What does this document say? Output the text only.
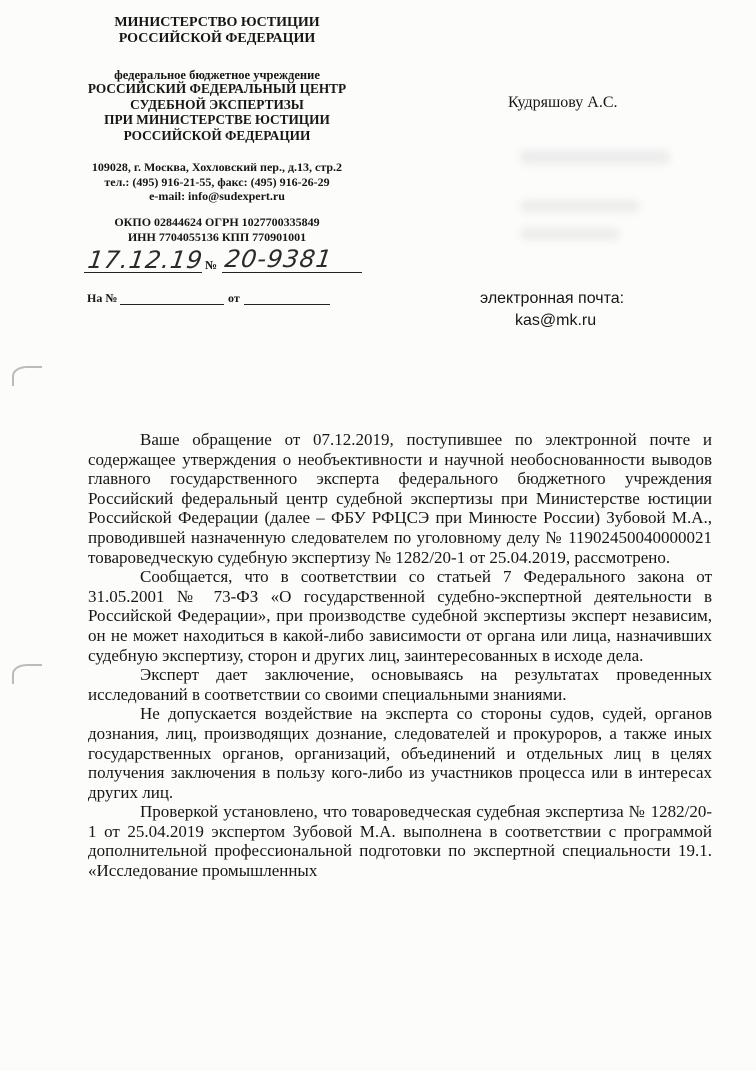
МИНИСТЕРСТВО ЮСТИЦИИ
РОССИЙСКОЙ ФЕДЕРАЦИИ
федеральное бюджетное учреждение
РОССИЙСКИЙ ФЕДЕРАЛЬНЫЙ ЦЕНТР
СУДЕБНОЙ ЭКСПЕРТИЗЫ
ПРИ МИНИСТЕРСТВЕ ЮСТИЦИИ
РОССИЙСКОЙ ФЕДЕРАЦИИ
109028, г. Москва, Хохловский пер., д.13, стр.2
тел.: (495) 916-21-55, факс: (495) 916-26-29
e-mail: info@sudexpert.ru
ОКПО 02844624 ОГРН 1027700335849
ИНН 7704055136 КПП 770901001
17.12.19 № 20-9381
На №	от
Кудряшову А.С.
электронная почта:
kas@mk.ru

Ваше обращение от 07.12.2019, поступившее по электронной почте и содержащее утверждения о необъективности и научной необоснованности выводов главного государственного эксперта федерального бюджетного учреждения Российский федеральный центр судебной экспертизы при Министерстве юстиции Российской Федерации (далее – ФБУ РФЦСЭ при Минюсте России) Зубовой М.А., проводившей назначенную следователем по уголовному делу № 11902450040000021 товароведческую судебную экспертизу № 1282/20-1 от 25.04.2019, рассмотрено.

Сообщается, что в соответствии со статьей 7 Федерального закона от 31.05.2001 № 73-ФЗ «О государственной судебно-экспертной деятельности в Российской Федерации», при производстве судебной экспертизы эксперт независим, он не может находиться в какой-либо зависимости от органа или лица, назначивших судебную экспертизу, сторон и других лиц, заинтересованных в исходе дела.

Эксперт дает заключение, основываясь на результатах проведенных исследований в соответствии со своими специальными знаниями.

Не допускается воздействие на эксперта со стороны судов, судей, органов дознания, лиц, производящих дознание, следователей и прокуроров, а также иных государственных органов, организаций, объединений и отдельных лиц в целях получения заключения в пользу кого-либо из участников процесса или в интересах других лиц.

Проверкой установлено, что товароведческая судебная экспертиза № 1282/20-1 от 25.04.2019 экспертом Зубовой М.А. выполнена в соответствии с программой дополнительной профессиональной подготовки по экспертной специальности 19.1. «Исследование промышленных
